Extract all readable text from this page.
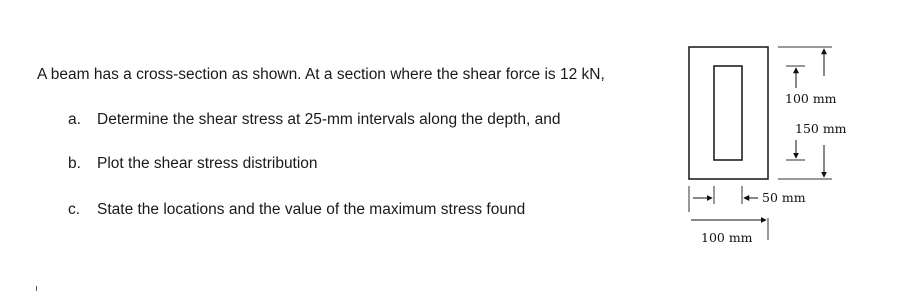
A beam has a cross-section as shown. At a section where the shear force is 12 kN,
a. Determine the shear stress at 25-mm intervals along the depth, and
b. Plot the shear stress distribution
c. State the locations and the value of the maximum stress found
100 mm
150 mm
50 mm
100 mm
